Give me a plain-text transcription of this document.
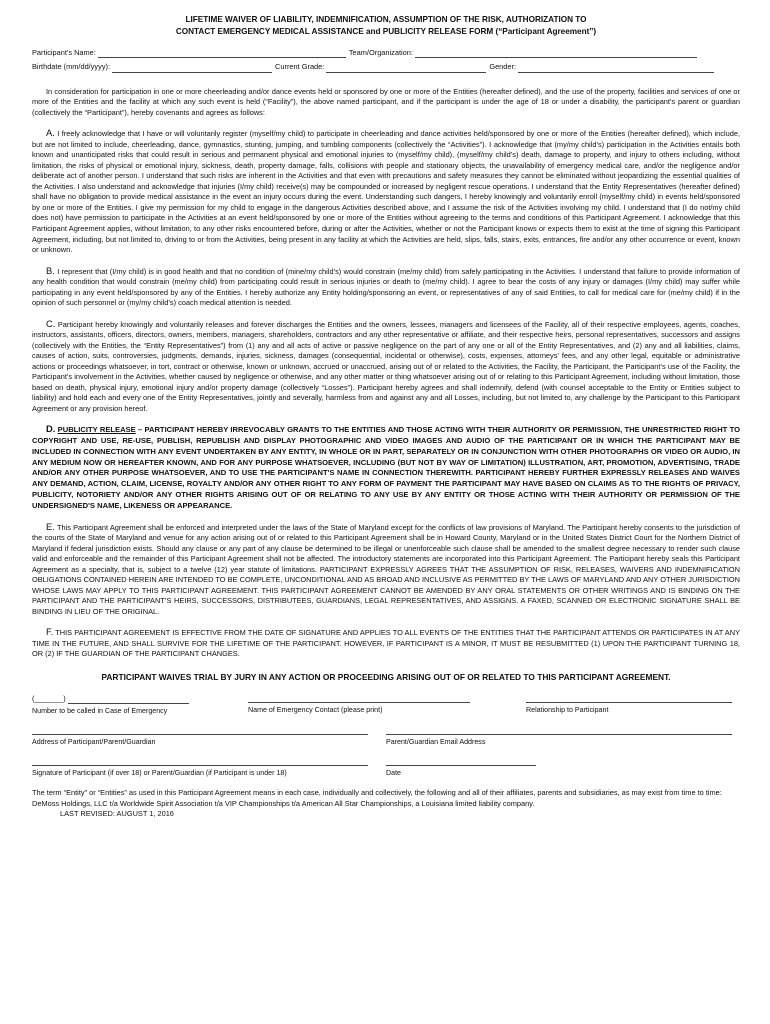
LIFETIME WAIVER OF LIABILITY, INDEMNIFICATION, ASSUMPTION OF THE RISK, AUTHORIZATION TO
CONTACT EMERGENCY MEDICAL ASSISTANCE and PUBLICITY RELEASE FORM (“Participant Agreement”)
Participant's Name:	Team/Organization:
Birthdate (mm/dd/yyyy):	Current Grade:	Gender:

In consideration for participation in one or more cheerleading and/or dance events held or sponsored by one or more of the Entities (hereafter defined), and the use of the property, facilities and services of one or more of the Entities and the facility at which any such event is held (“Facility”), the above named participant, and if the participant is under the age of 18 or under a disability, the participant's parent or guardian (collectively the “Participant”), hereby covenants and agrees as follows:

A. I freely acknowledge that I have or will voluntarily register (myself/my child) to participate in cheerleading and dance activities held/sponsored by one or more of the Entities (hereafter defined), which include, but are not limited to include, cheerleading, dance, gymnastics, stunting, jumping, and tumbling components (collectively the “Activities”). I acknowledge that (my/my child’s) participation in the Activities entails both known and unanticipated risks that could result in serious and permanent physical and emotional injuries to (myself/my child), (myself/my child’s) death, damage to property, and injury to others including, without limitation, the risks of physical or emotional injury, sickness, death, property damage, falls, collisions with people and stationary objects, the unavailability of emergency medical care, and/or the negligence and/or deliberate act of another person. I understand that such risks are inherent in the Activities and that even with precautions and safety measures they cannot be eliminated without jeopardizing the essential qualities of the Activities. I also understand and acknowledge that injuries (I/my child) receive(s) may be compounded or increased by negligent rescue operations. I understand that the Entity Representatives (hereafter defined) shall have no obligation to provide medical assistance in the event an injury occurs during the event. Understanding such dangers, I hereby knowingly and voluntarily enroll (myself/my child) in events held/sponsored by one or more of the Entities. I give my permission for my child to engage in the dangerous Activities described above, and I assume the risk of the Activities involving my child. I understand that (I do not/my child does not) have permission to participate in the Activities at an event held/sponsored by one or more of the Entities without agreeing to the terms and conditions of this Participant Agreement. I acknowledge that this Participant Agreement applies, without limitation, to any other risks encountered before, during or after the Activities, whether or not the Participant knows or expects them to exist at the time of signing this Participant Agreement, including, but not limited to, driving to or from the Activities, being present in any facility at which the Activities are held, slips, falls, stairs, exits, entrances, fire and/or any other occurrence or event, known or unknown.

B. I represent that (I/my child) is in good health and that no condition of (mine/my child’s) would constrain (me/my child) from safely participating in the Activities. I understand that failure to provide information of any health condition that would constrain (me/my child) from participating could result in serious injuries or death to (me/my child). I agree to bear the costs of any injury or damages (I/my child) may suffer while participating in any event held/sponsored by any of the Entities. I hereby authorize any Entity holding/sponsoring an event, or representatives of any of said Entities, to call for medical care for (me/my child) if in the opinion of such personnel or (my/my child’s) coach medical attention is needed.

C. Participant hereby knowingly and voluntarily releases and forever discharges the Entities and the owners, lessees, managers and licensees of the Facility, all of their respective employees, agents, coaches, instructors, assistants, officers, directors, owners, members, managers, shareholders, contractors and any other representative or affiliate, and their respective heirs, personal representatives, successors and assigns (collectively with the Entities, the “Entity Representatives”) from (1) any and all acts of active or passive negligence on the part of any one or all of the Entity Representatives, and (2) any and all liabilities, claims, causes of action, suits, controversies, judgments, demands, injuries, sickness, damages (consequential, incidental or otherwise), costs, expenses, attorneys’ fees, and any other legal, equitable or administrative actions or proceedings whatsoever, in tort, contract or otherwise, known or unknown, accrued or unaccrued, arising out of or related to the Activities, the Facility, the Participant, the Participant’s use of the Facility, the Participant’s involvement in the Activities, whether caused by negligence or otherwise, and any other matter or thing whatsoever arising out of or relating to this Participant Agreement, including without limitation, those based on death, physical injury, emotional injury and/or property damage (collectively “Losses”). Participant hereby agrees and shall indemnify, defend (with counsel acceptable to the Entity or Entities subject to liability) and hold each and every one of the Entity Representatives, jointly and severally, harmless from and against any and all Losses, including, but not limited to, any challenge by the Participant to this Participant Agreement or any provision hereof.

D. PUBLICITY RELEASE – PARTICIPANT HEREBY IRREVOCABLY GRANTS TO THE ENTITIES AND THOSE ACTING WITH THEIR AUTHORITY OR PERMISSION, THE UNRESTRICTED RIGHT TO COPYRIGHT AND USE, RE-USE, PUBLISH, REPUBLISH AND DISPLAY PHOTOGRAPHIC AND VIDEO IMAGES AND AUDIO OF THE PARTICIPANT OR IN WHICH THE PARTICIPANT MAY BE INCLUDED IN CONNECTION WITH ANY EVENT UNDERTAKEN BY ANY ENTITY, IN WHOLE OR IN PART, SEPARATELY OR IN CONJUNCTION WITH OTHER PHOTOGRAPHS OR VIDEO OR AUDIO, IN ANY MEDIUM NOW OR HEREAFTER KNOWN, AND FOR ANY PURPOSE WHATSOEVER, INCLUDING (BUT NOT BY WAY OF LIMITATION) ILLUSTRATION, ART, PROMOTION, ADVERTISING, TRADE AND/OR ANY OTHER PURPOSE WHATSOEVER, AND TO USE THE PARTICIPANT'S NAME IN CONNECTION THEREWITH. PARTICIPANT HEREBY FURTHER EXPRESSLY RELEASES AND WAIVES ANY DEMAND, ACTION, CLAIM, LICENSE, ROYALTY AND/OR ANY OTHER RIGHT TO ANY FORM OF PAYMENT THE PARTICIPANT MAY HAVE BASED ON CLAIMS AS TO THE RIGHTS OF PRIVACY, PUBLICITY, NOTORIETY AND/OR ANY OTHER RIGHTS ARISING OUT OF OR RELATING TO ANY USE BY ANY ENTITY OR THOSE ACTING WITH THEIR AUTHORITY OR PERMISSION OF THE UNDERSIGNED'S NAME, LIKENESS OR APPEARANCE.

E. This Participant Agreement shall be enforced and interpreted under the laws of the State of Maryland except for the conflicts of law provisions of Maryland. The Participant hereby consents to the jurisdiction of the courts of the State of Maryland and venue for any action arising out of or related to this Participant Agreement shall be in Howard County, Maryland or in the United States District Court for the Northern District of Maryland if federal jurisdiction exists. Should any clause or any part of any clause be determined to be illegal or unenforceable such clause shall be amended to the smallest degree necessary to render such clause valid and enforceable and the remainder of this Participant Agreement shall not be affected. The introductory statements are incorporated into this Participant Agreement. The Participant hereby seals this Participant Agreement as a specialty, that is, subject to a twelve (12) year statute of limitations. PARTICIPANT EXPRESSLY AGREES THAT THE ASSUMPTION OF RISK, RELEASES, WAIVERS AND INDEMNIFICATION OBLIGATIONS CONTAINED HEREIN ARE INTENDED TO BE COMPLETE, UNCONDITIONAL AND AS BROAD AND INCLUSIVE AS PERMITTED BY THE LAWS OF MARYLAND AND ANY OTHER JURISDICTION WHOSE LAWS MAY APPLY TO THIS PARTICIPANT AGREEMENT. THIS PARTICIPANT AGREEMENT CANNOT BE AMENDED BY ANY ORAL STATEMENTS OR OTHER WRITINGS AND IS BINDING ON THE PARTICIPANT AND THE PARTICIPANT’S HEIRS, SUCCESSORS, DISTRIBUTEES, GUARDIANS, LEGAL REPRESENTATIVES, AND ASSIGNS. A FAXED, SCANNED OR ELECTRONIC SIGNATURE SHALL BE BINDING IN LIEU OF THE ORIGINAL.

F. THIS PARTICIPANT AGREEMENT IS EFFECTIVE FROM THE DATE OF SIGNATURE AND APPLIES TO ALL EVENTS OF THE ENTITIES THAT THE PARTICIPANT ATTENDS OR PARTICIPATES IN AT ANY TIME IN THE FUTURE, AND SHALL SURVIVE FOR THE LIFETIME OF THE PARTICIPANT. HOWEVER, IF PARTICIPANT IS A MINOR, IT MUST BE RESUBMITTED (1) UPON THE PARTICIPANT TURNING 18, OR (2) IF THE GUARDIAN OF THE PARTICIPANT CHANGES.

PARTICIPANT WAIVES TRIAL BY JURY IN ANY ACTION OR PROCEEDING ARISING OUT OF OR RELATED TO THIS PARTICIPANT AGREEMENT.
(_______)
Number to be called in Case of Emergency	Name of Emergency Contact (please print)	Relationship to Participant
Address of Participant/Parent/Guardian	Parent/Guardian Email Address
Signature of Participant (if over 18) or Parent/Guardian (if Participant is under 18)	Date
The term “Entity” or “Entities” as used in this Participant Agreement means in each case, individually and collectively, the following and all of their affiliates, parents and subsidiaries, as may exist from time to time: DeMoss Holdings, LLC t/a Worldwide Spirit Association t/a VIP Championships t/a American All Star Championships, a Louisiana limited liability company.
LAST REVISED: AUGUST 1, 2016
